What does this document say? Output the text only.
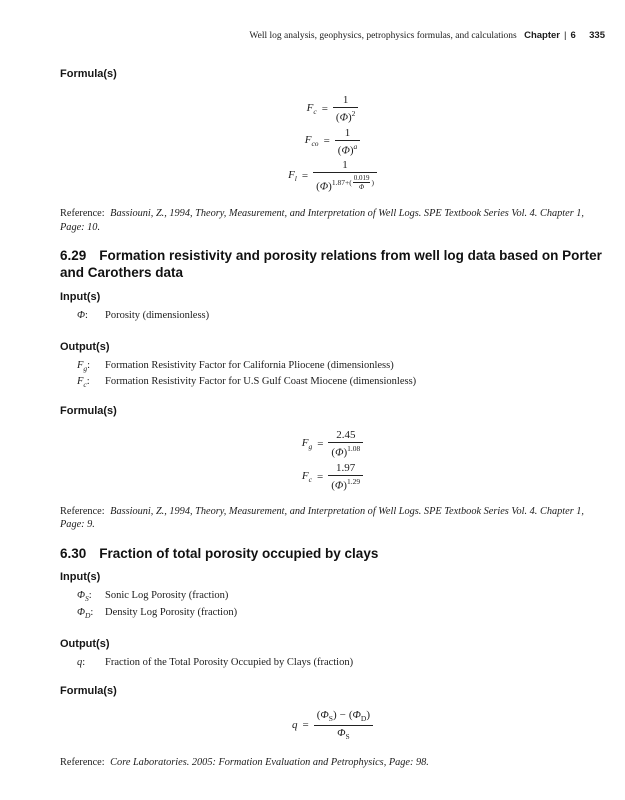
Well log analysis, geophysics, petrophysics formulas, and calculations Chapter | 6 335
Formula(s)
$F_c = \frac{1}{(\Phi)^2}$
$F_{co} = \frac{1}{(\Phi)^a}$
$F_l = 1$
$(\Phi)^{1.87+( \frac{0.019}{\Phi} )}$

Reference: Bassiouni, Z., 1994, Theory, Measurement, and Interpretation of Well Logs. SPE Textbook Series Vol. 4. Chapter 1, Page: 10.

6.29 Formation resistivity and porosity relations from well log data based on Porter and Carothers data
Input(s)
Φ:	Porosity (dimensionless)
Output(s)
$F_g$:	Formation Resistivity Factor for California Pliocene (dimensionless)
$F_c$:	Formation Resistivity Factor for U.S Gulf Coast Miocene (dimensionless)
Formula(s)
$F_g = \frac{2.45}{(\Phi)^{1.08}}$
$F_c = \frac{1.97}{(\Phi)^{1.29}}$

Reference: Bassiouni, Z., 1994, Theory, Measurement, and Interpretation of Well Logs. SPE Textbook Series Vol. 4. Chapter 1, Page: 9.

6.30 Fraction of total porosity occupied by clays
Input(s)
$\Phi_S$:	Sonic Log Porosity (fraction)
$\Phi_D$:	Density Log Porosity (fraction)
Output(s)
q:	Fraction of the Total Porosity Occupied by Clays (fraction)
Formula(s)
$q = \frac{(\Phi_S) - (\Phi_D)}{\Phi_S}$

Reference: Core Laboratories. 2005: Formation Evaluation and Petrophysics, Page: 98.
